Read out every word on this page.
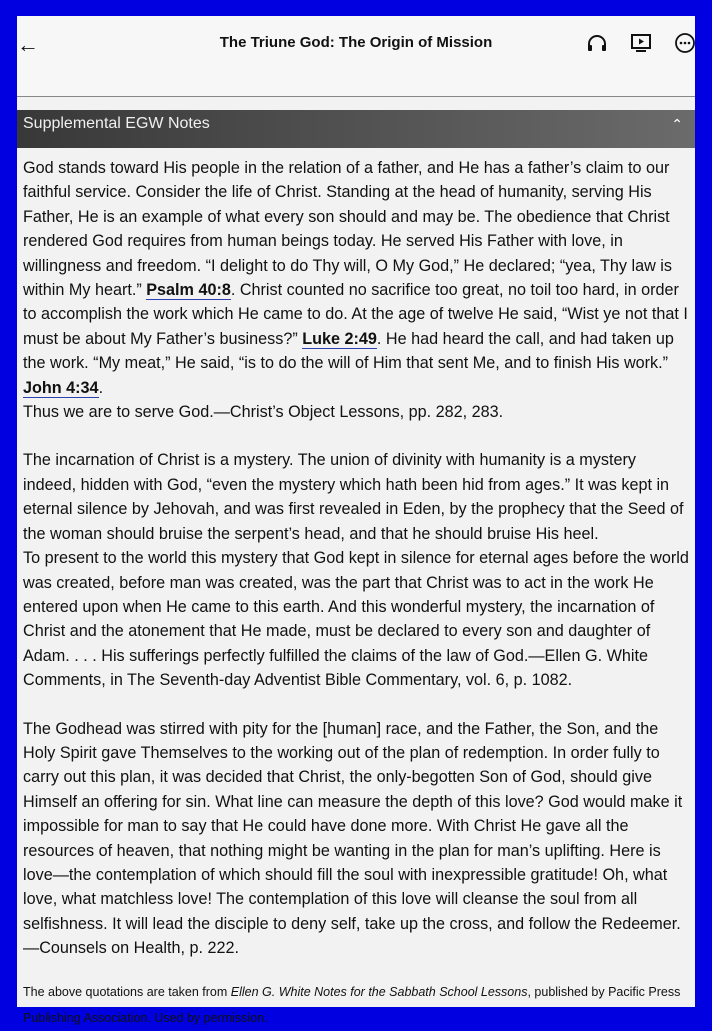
←	The Triune God: The Origin of Mission
Supplemental EGW Notes	⌃

God stands toward His people in the relation of a father, and He has a father’s claim to our faithful service. Consider the life of Christ. Standing at the head of humanity, serving His Father, He is an example of what every son should and may be. The obedience that Christ rendered God requires from human beings today. He served His Father with love, in willingness and freedom. “I delight to do Thy will, O My God,” He declared; “yea, Thy law is within My heart.” Psalm 40:8. Christ counted no sacrifice too great, no toil too hard, in order to accomplish the work which He came to do. At the age of twelve He said, “Wist ye not that I must be about My Father’s business?” Luke 2:49. He had heard the call, and had taken up the work. “My meat,” He said, “is to do the will of Him that sent Me, and to finish His work.” John 4:34.
Thus we are to serve God.—Christ’s Object Lessons, pp. 282, 283.

The incarnation of Christ is a mystery. The union of divinity with humanity is a mystery indeed, hidden with God, “even the mystery which hath been hid from ages.” It was kept in eternal silence by Jehovah, and was first revealed in Eden, by the prophecy that the Seed of the woman should bruise the serpent’s head, and that he should bruise His heel.
To present to the world this mystery that God kept in silence for eternal ages before the world was created, before man was created, was the part that Christ was to act in the work He entered upon when He came to this earth. And this wonderful mystery, the incarnation of Christ and the atonement that He made, must be declared to every son and daughter of Adam. . . . His sufferings perfectly fulfilled the claims of the law of God.—Ellen G. White Comments, in The Seventh-day Adventist Bible Commentary, vol. 6, p. 1082.

The Godhead was stirred with pity for the [human] race, and the Father, the Son, and the Holy Spirit gave Themselves to the working out of the plan of redemption. In order fully to carry out this plan, it was decided that Christ, the only-begotten Son of God, should give Himself an offering for sin. What line can measure the depth of this love? God would make it impossible for man to say that He could have done more. With Christ He gave all the resources of heaven, that nothing might be wanting in the plan for man’s uplifting. Here is love—the contemplation of which should fill the soul with inexpressible gratitude! Oh, what love, what matchless love! The contemplation of this love will cleanse the soul from all selfishness. It will lead the disciple to deny self, take up the cross, and follow the Redeemer. —Counsels on Health, p. 222.

The above quotations are taken from Ellen G. White Notes for the Sabbath School Lessons, published by Pacific Press Publishing Association. Used by permission.
